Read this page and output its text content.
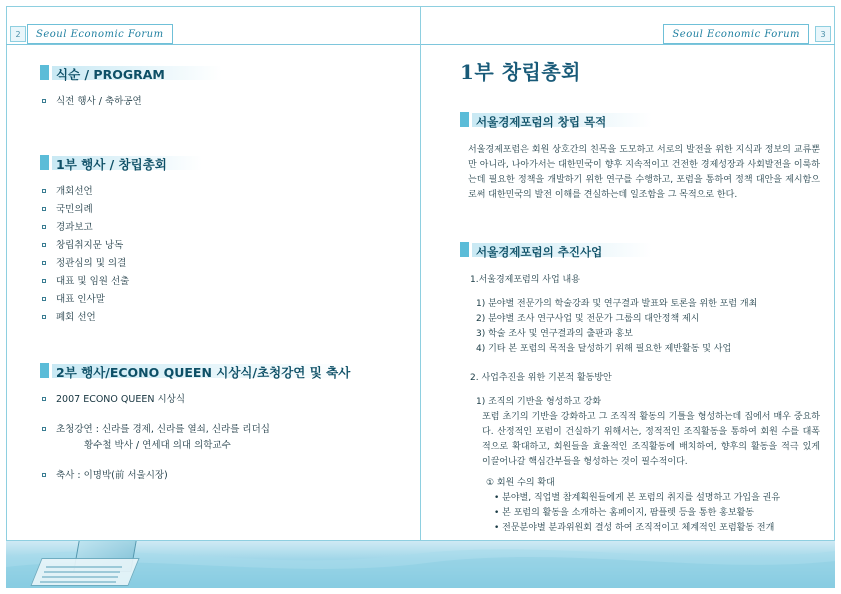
2	3
Seoul Economic Forum	Seoul Economic Forum
식순 / PROGRAM
식전 행사 / 축하공연
1부 행사 / 창립총회
개회선언
국민의례
경과보고
창립취지문 낭독
정관심의 및 의결
대표 및 임원 선출
대표 인사말
폐회 선언
2부 행사/ECONO QUEEN 시상식/초청강연 및 축사
2007 ECONO QUEEN 시상식
초청강연 : 신라를 경제, 신라를 열쇠, 신라를 리더십
황수철 박사 / 연세대 의대 의학교수
축사 : 이명박(前 서울시장)
1부 창립총회
서울경제포럼의 창립 목적

서울경제포럼은 회원 상호간의 친목을 도모하고 서로의 발전을 위한 지식과 정보의 교류뿐만 아니라, 나아가서는 대한민국이 향후 지속적이고 건전한 경제성장과 사회발전을 이룩하는데 필요한 정책을 개발하기 위한 연구를 수행하고, 포럼을 통하여 정책 대안을 제시함으로써 대한민국의 발전 이해를 견실하는데 일조함을 그 목적으로 한다.

서울경제포럼의 추진사업
1.서울경제포럼의 사업 내용
1) 분야별 전문가의 학술강좌 및 연구결과 발표와 토론을 위한 포럼 개최
2) 분야별 조사 연구사업 및 전문가 그룹의 대안정책 제시
3) 학술 조사 및 연구결과의 출판과 홍보
4) 기타 본 포럼의 목적을 달성하기 위해 필요한 제반활동 및 사업
2. 사업추진을 위한 기본적 활동방안
1) 조직의 기반을 형성하고 강화
포럼 초기의 기반을 강화하고 그 조직적 활동의 기틀을 형성하는데 집에서 매우 중요하다. 산정적인 포럼이 건실하기 위해서는, 정적적인 조직활동을 통하여 회원 수를 대폭적으로 확대하고, 회원들을 효율적인 조직활동에 배치하여, 향후의 활동을 적극 있게 이끌어나갈 핵심간부들을 형성하는 것이 필수적이다.
① 회원 수의 확대
• 분야별, 직업별 참계획원들에게 본 포럼의 취지를 설명하고 가입을 권유
• 본 포럼의 활동을 소개하는 홈페이지, 팜플렛 등을 통한 홍보활동
• 전문분야별 분과위원회 결성 하여 조직적이고 체계적인 포럼활동 전개
